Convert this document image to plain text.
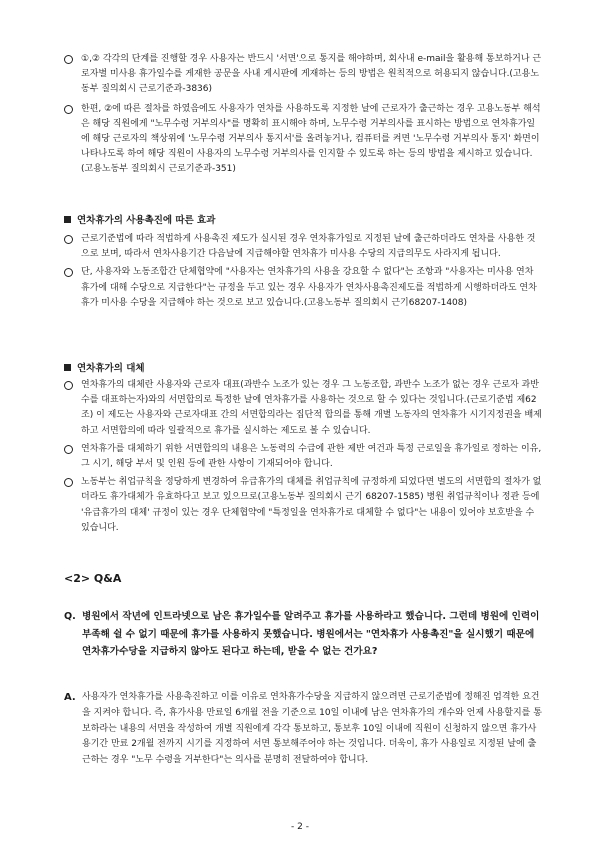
①,② 각각의 단계를 진행할 경우 사용자는 반드시 '서면'으로 통지를 해야하며, 회사내 e-mail을 활용해 통보하거나 근로자별 미사용 휴가일수를 게재한 공문을 사내 게시판에 게재하는 등의 방법은 원칙적으로 허용되지 않습니다.(고용노동부 질의회시 근로기준과-3836)

한편, ②에 따른 절차를 하였음에도 사용자가 연차를 사용하도록 지정한 날에 근로자가 출근하는 경우 고용노동부 해석은 해당 직원에게 "노무수령 거부의사"를 명확히 표시해야 하며, 노무수령 거부의사를 표시하는 방법으로 연차휴가일에 해당 근로자의 책상위에 '노무수령 거부의사 통지서'를 올려놓거나, 컴퓨터를 켜면 '노무수령 거부의사 통지' 화면이 나타나도록 하여 해당 직원이 사용자의 노무수령 거부의사를 인지할 수 있도록 하는 등의 방법을 제시하고 있습니다.(고용노동부 질의회시 근로기준과-351)

연차휴가의 사용촉진에 따른 효과

근로기준법에 따라 적법하게 사용촉진 제도가 실시된 경우 연차휴가일로 지정된 날에 출근하더라도 연차를 사용한 것으로 보며, 따라서 연차사용기간 다음날에 지급해야할 연차휴가 미사용 수당의 지급의무도 사라지게 됩니다.

단, 사용자와 노동조합간 단체협약에 "사용자는 연차휴가의 사용을 강요할 수 없다"는 조항과 "사용자는 미사용 연차휴가에 대해 수당으로 지급한다"는 규정을 두고 있는 경우 사용자가 연차사용촉진제도를 적법하게 시행하더라도 연차휴가 미사용 수당을 지급해야 하는 것으로 보고 있습니다.(고용노동부 질의회시 근기68207-1408)

연차휴가의 대체

연차휴가의 대체란 사용자와 근로자 대표(과반수 노조가 있는 경우 그 노동조합, 과반수 노조가 없는 경우 근로자 과반수를 대표하는자)와의 서면합의로 특정한 날에 연차휴가를 사용하는 것으로 할 수 있다는 것입니다.(근로기준법 제62조) 이 제도는 사용자와 근로자대표 간의 서면합의라는 집단적 합의를 통해 개별 노동자의 연차휴가 시기지정권을 배제하고 서면합의에 따라 일괄적으로 휴가를 실시하는 제도로 볼 수 있습니다.

연차휴가를 대체하기 위한 서면합의의 내용은 노동력의 수급에 관한 제반 여건과 특정 근로일을 휴가일로 정하는 이유, 그 시기, 해당 부서 및 인원 등에 관한 사항이 기재되어야 합니다.

노동부는 취업규칙을 정당하게 변경하여 유급휴가의 대체를 취업규칙에 규정하게 되었다면 별도의 서면합의 절차가 없더라도 휴가대체가 유효하다고 보고 있으므로(고용노동부 질의회시 근기 68207-1585) 병원 취업규칙이나 정관 등에 '유급휴가의 대체' 규정이 있는 경우 단체협약에 "특정일을 연차휴가로 대체할 수 없다"는 내용이 있어야 보호받을 수 있습니다.

<2> Q&A
Q. 병원에서 작년에 인트라넷으로 남은 휴가일수를 알려주고 휴가를 사용하라고 했습니다. 그런데 병원에 인력이 부족해 쉴 수 없기 때문에 휴가를 사용하지 못했습니다. 병원에서는 "연차휴가 사용촉진"을 실시했기 때문에 연차휴가수당을 지급하지 않아도 된다고 하는데, 받을 수 없는 건가요?
A. 사용자가 연차휴가를 사용촉진하고 이를 이유로 연차휴가수당을 지급하지 않으려면 근로기준법에 정해진 엄격한 요건을 지켜야 합니다. 즉, 휴가사용 만료일 6개월 전을 기준으로 10일 이내에 남은 연차휴가의 개수와 언제 사용할지를 통보하라는 내용의 서면을 작성하여 개별 직원에게 각각 통보하고, 통보후 10일 이내에 직원이 신청하지 않으면 휴가사용기간 만료 2개월 전까지 시기를 지정하여 서면 통보해주어야 하는 것입니다. 더욱이, 휴가 사용일로 지정된 날에 출근하는 경우 "노무 수령을 거부한다"는 의사를 분명히 전달하여야 합니다.
- 2 -
